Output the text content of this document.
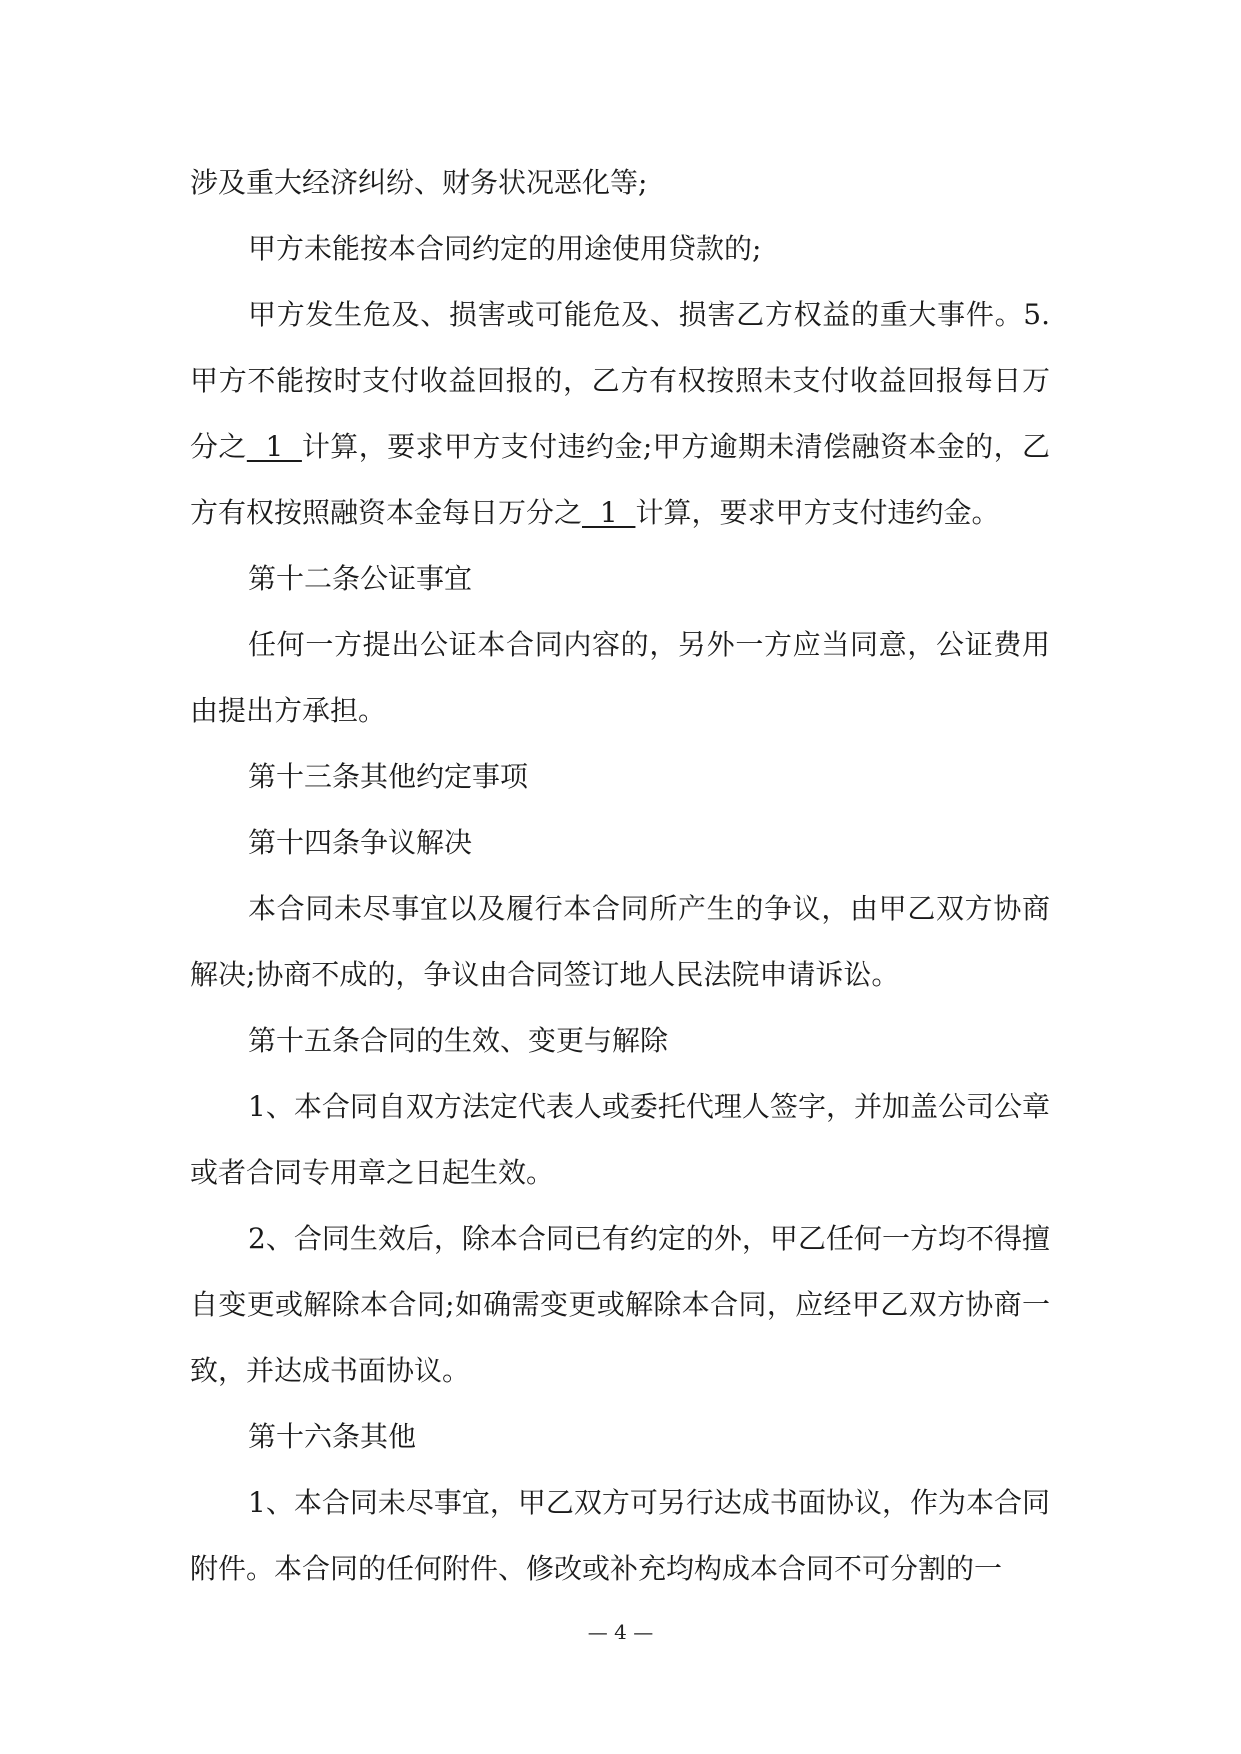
涉及重大经济纠纷、财务状况恶化等;

甲方未能按本合同约定的用途使用贷款的;

甲方发生危及、损害或可能危及、损害乙方权益的重大事件。5.甲方不能按时支付收益回报的，乙方有权按照未支付收益回报每日万分之  1  计算，要求甲方支付违约金;甲方逾期未清偿融资本金的，乙方有权按照融资本金每日万分之  1  计算，要求甲方支付违约金。

第十二条公证事宜

任何一方提出公证本合同内容的，另外一方应当同意，公证费用由提出方承担。

第十三条其他约定事项

第十四条争议解决

本合同未尽事宜以及履行本合同所产生的争议，由甲乙双方协商解决;协商不成的，争议由合同签订地人民法院申请诉讼。

第十五条合同的生效、变更与解除

1、本合同自双方法定代表人或委托代理人签字，并加盖公司公章或者合同专用章之日起生效。

2、合同生效后，除本合同已有约定的外，甲乙任何一方均不得擅自变更或解除本合同;如确需变更或解除本合同，应经甲乙双方协商一致，并达成书面协议。

第十六条其他

1、本合同未尽事宜，甲乙双方可另行达成书面协议，作为本合同附件。本合同的任何附件、修改或补充均构成本合同不可分割的一

— 4 —
